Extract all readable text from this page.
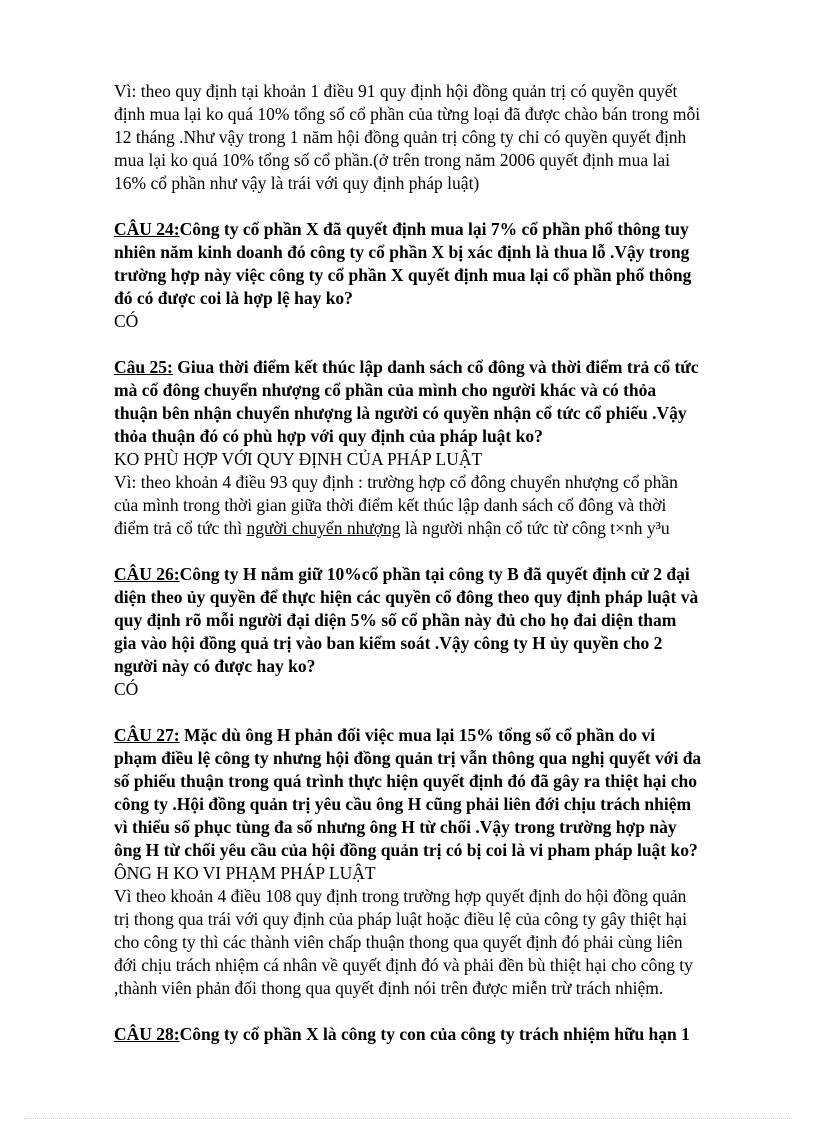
Vì: theo quy định tại khoản 1 điều 91 quy định hội đồng quản trị có quyền quyết
định mua lại ko quá 10% tổng số cổ phần của từng loại đã được chào bán trong mỗi
12 tháng .Như vậy trong 1 năm hội đồng quản trị công ty chỉ có quyền quyết định
mua lại ko quá 10% tổng số cổ phần.(ở trên trong năm 2006 quyết định mua lai
16% cổ phần như vậy là trái với quy định pháp luật)
CÂU 24:Công ty cổ phần X đã quyết định mua lại 7% cổ phần phổ thông tuy
nhiên năm kinh doanh đó công ty cổ phần X bị xác định là thua lỗ .Vậy trong
trường hợp này việc công ty cổ phần X quyết định mua lại cổ phần phổ thông
đó có được coi là hợp lệ hay ko?
CÓ
Câu 25: Giua thời điểm kết thúc lập danh sách cổ đông và thời điểm trả cổ tức
mà cổ đông chuyển nhượng cổ phần của mình cho người khác và có thỏa
thuận bên nhận chuyển nhượng là người có quyền nhận cổ tức cổ phiếu .Vậy
thỏa thuận đó có phù hợp với quy định của pháp luật ko?
KO PHÙ HỢP VỚI QUY ĐỊNH CỦA PHÁP LUẬT
Vì: theo khoản 4 điều 93 quy định : trường hợp cổ đông chuyển nhượng cổ phần
của mình trong thời gian giữa thời điểm kết thúc lập danh sách cổ đông và thời
điểm trả cổ tức thì người chuyển nhượng là người nhận cổ tức từ công t×nh y³u
CÂU 26:Công ty H nắm giữ 10%cổ phần tại công ty B đã quyết định cử 2 đại
diện theo ủy quyền để thực hiện các quyền cổ đông theo quy định pháp luật và
quy định rõ mỗi người đại diện 5% số cổ phần này đủ cho họ đai diện tham
gia vào hội đồng quả trị vào ban kiểm soát .Vậy công ty H ủy quyền cho 2
người này có được hay ko?
CÓ
CÂU 27: Mặc dù ông H phản đối việc mua lại 15% tổng số cổ phần do vi
phạm điều lệ công ty nhưng hội đồng quản trị vẫn thông qua nghị quyết với đa
số phiếu thuận trong quá trình thực hiện quyết định đó đã gây ra thiệt hại cho
công ty .Hội đồng quản trị yêu cầu ông H cũng phải liên đới chịu trách nhiệm
vì thiểu số phục tùng đa số nhưng ông H từ chối .Vậy trong trường hợp này
ông H từ chối yêu cầu của hội đồng quản trị có bị coi là vi pham pháp luật ko?
ÔNG H KO VI PHẠM PHÁP LUẬT
Vì theo khoản 4 điều 108 quy định trong trường hợp quyết định do hội đồng quản
trị thong qua trái với quy định của pháp luật hoặc điều lệ của công ty gây thiệt hại
cho công ty thì các thành viên chấp thuận thong qua quyết định đó phải cùng liên
đới chịu trách nhiệm cá nhân về quyết định đó và phải đền bù thiệt hại cho công ty
,thành viên phản đối thong qua quyết định nói trên được miễn trừ trách nhiệm.
CÂU 28:Công ty cổ phần X là công ty con của công ty trách nhiệm hữu hạn 1
